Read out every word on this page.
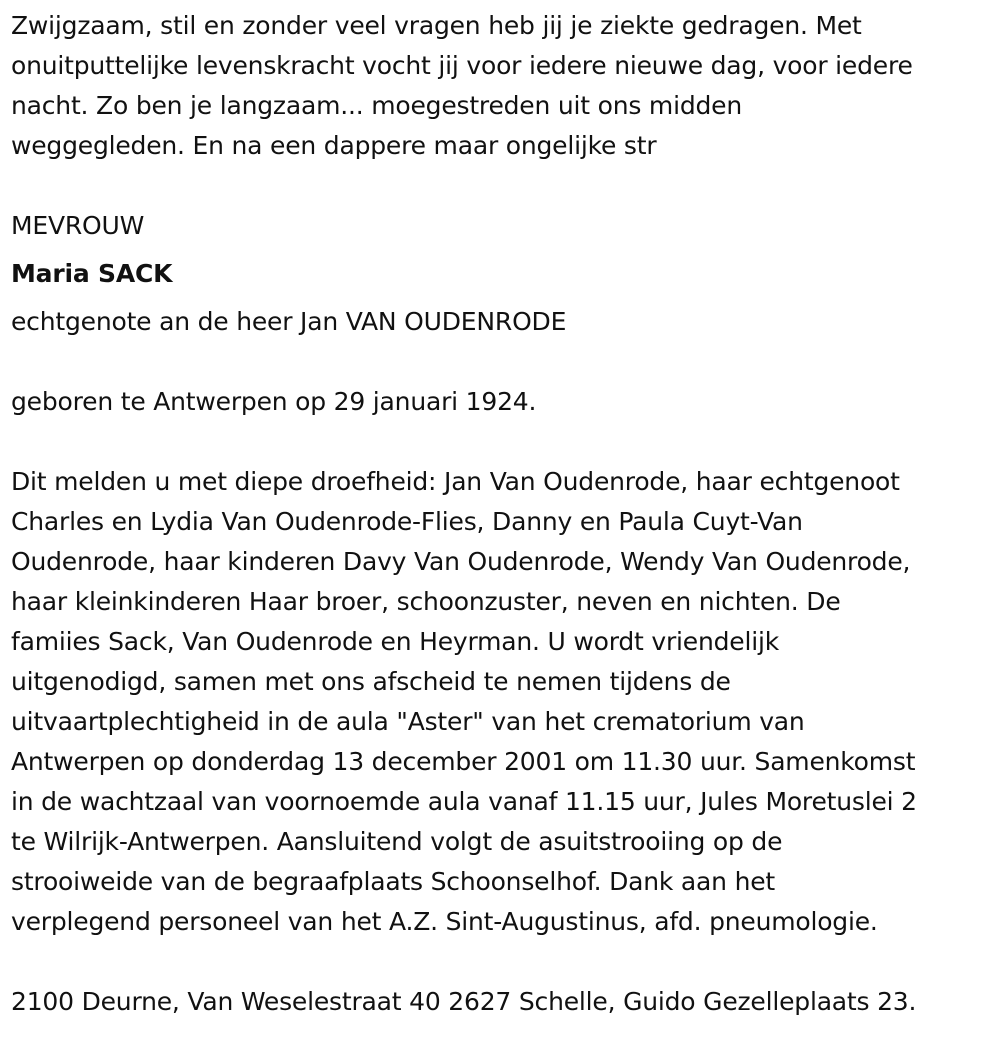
Zwijgzaam, stil en zonder veel vragen heb jij je ziekte gedragen. Met
onuitputtelijke levenskracht vocht jij voor iedere nieuwe dag, voor iedere
nacht. Zo ben je langzaam... moegestreden uit ons midden
weggegleden. En na een dappere maar ongelijke str

MEVROUW

Maria SACK

echtgenote an de heer Jan VAN OUDENRODE

geboren te Antwerpen op 29 januari 1924.

Dit melden u met diepe droefheid: Jan Van Oudenrode, haar echtgenoot
Charles en Lydia Van Oudenrode-Flies, Danny en Paula Cuyt-Van
Oudenrode, haar kinderen Davy Van Oudenrode, Wendy Van Oudenrode,
haar kleinkinderen Haar broer, schoonzuster, neven en nichten. De
famiies Sack, Van Oudenrode en Heyrman. U wordt vriendelijk
uitgenodigd, samen met ons afscheid te nemen tijdens de
uitvaartplechtigheid in de aula "Aster" van het crematorium van
Antwerpen op donderdag 13 december 2001 om 11.30 uur. Samenkomst
in de wachtzaal van voornoemde aula vanaf 11.15 uur, Jules Moretuslei 2
te Wilrijk-Antwerpen. Aansluitend volgt de asuitstrooiing op de
strooiweide van de begraafplaats Schoonselhof. Dank aan het
verplegend personeel van het A.Z. Sint-Augustinus, afd. pneumologie.

2100 Deurne, Van Weselestraat 40 2627 Schelle, Guido Gezelleplaats 23.
